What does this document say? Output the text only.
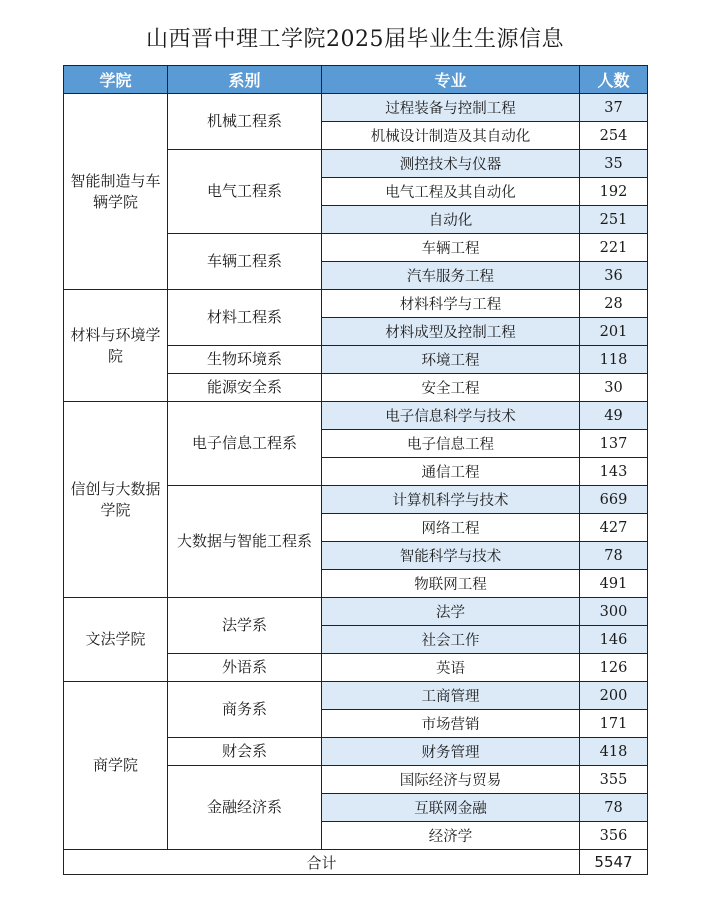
山西晋中理工学院2025届毕业生生源信息
学院	系别	专业	人数
智能制造与车辆学院	机械工程系	过程装备与控制工程	37
		机械设计制造及其自动化	254
	电气工程系	测控技术与仪器	35
		电气工程及其自动化	192
		自动化	251
	车辆工程系	车辆工程	221
		汽车服务工程	36
材料与环境学院	材料工程系	材料科学与工程	28
		材料成型及控制工程	201
	生物环境系	环境工程	118
	能源安全系	安全工程	30
信创与大数据学院	电子信息工程系	电子信息科学与技术	49
		电子信息工程	137
		通信工程	143
	大数据与智能工程系	计算机科学与技术	669
		网络工程	427
		智能科学与技术	78
		物联网工程	491
文法学院	法学系	法学	300
		社会工作	146
	外语系	英语	126
商学院	商务系	工商管理	200
		市场营销	171
	财会系	财务管理	418
	金融经济系	国际经济与贸易	355
		互联网金融	78
		经济学	356
合计			5547
